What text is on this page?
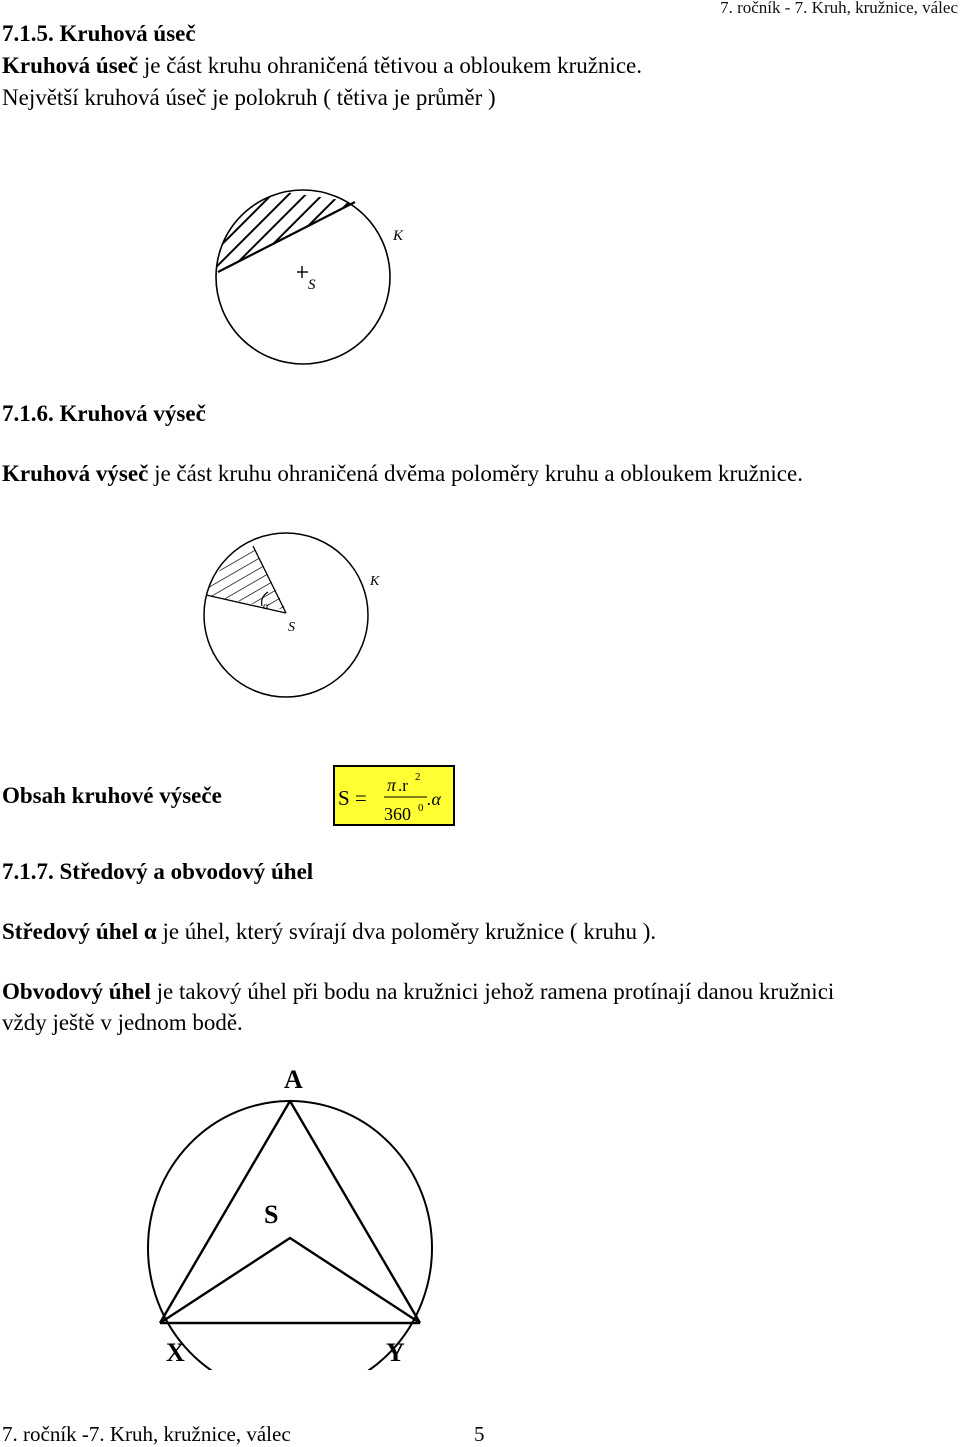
7. ročník - 7. Kruh, kružnice, válec
7.1.5. Kruhová úseč
Kruhová úseč je část kruhu ohraničená tětivou a obloukem kružnice.
Největší kruhová úseč je polokruh ( tětiva je průměr )
S
K
7.1.6. Kruhová výseč
Kruhová výseč je část kruhu ohraničená dvěma poloměry kruhu a obloukem kružnice.
α
S
K
Obsah kruhové výseče	S =
π .r 2
360 0 .α
7.1.7. Středový a obvodový úhel
Středový úhel α je úhel, který svírají dva poloměry kružnice ( kruhu ).
Obvodový úhel je takový úhel při bodu na kružnici jehož ramena protínají danou kružnici
vždy ještě v jednom bodě.
A
S
X	Y
7. ročník -7. Kruh, kružnice, válec	5
